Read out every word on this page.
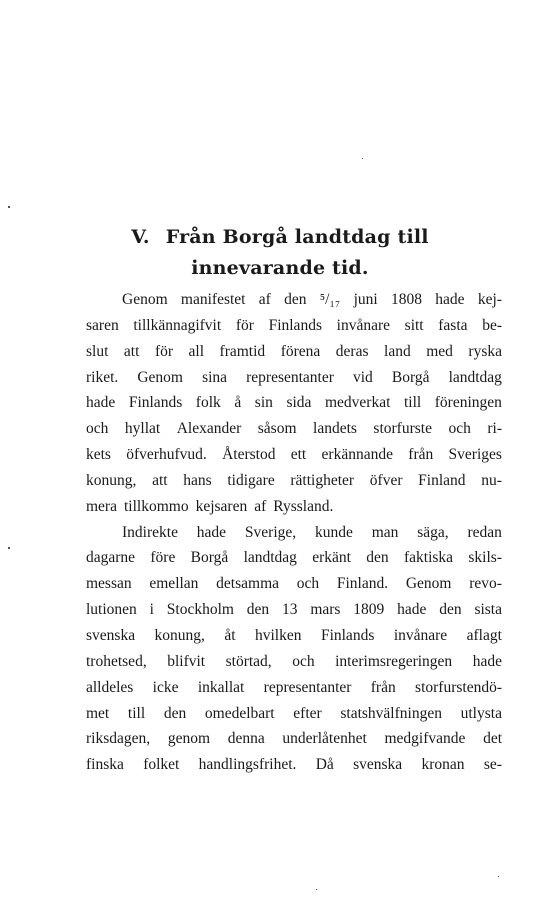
V. Från Borgå landtdag till
innevarande tid.
Genom manifestet af den ⁵/₁₇ juni 1808 hade kej-
saren tillkännagifvit för Finlands invånare sitt fasta be-
slut att för all framtid förena deras land med ryska
riket. Genom sina representanter vid Borgå landtdag
hade Finlands folk å sin sida medverkat till föreningen
och hyllat Alexander såsom landets storfurste och ri-
kets öfverhufvud. Återstod ett erkännande från Sveriges
konung, att hans tidigare rättigheter öfver Finland nu-
mera tillkommo kejsaren af Ryssland.
Indirekte hade Sverige, kunde man säga, redan
dagarne före Borgå landtdag erkänt den faktiska skils-
messan emellan detsamma och Finland. Genom revo-
lutionen i Stockholm den 13 mars 1809 hade den sista
svenska konung, åt hvilken Finlands invånare aflagt
trohetsed, blifvit störtad, och interimsregeringen hade
alldeles icke inkallat representanter från storfurstendö-
met till den omedelbart efter statshvälfningen utlysta
riksdagen, genom denna underlåtenhet medgifvande det
finska folket handlingsfrihet. Då svenska kronan se-
